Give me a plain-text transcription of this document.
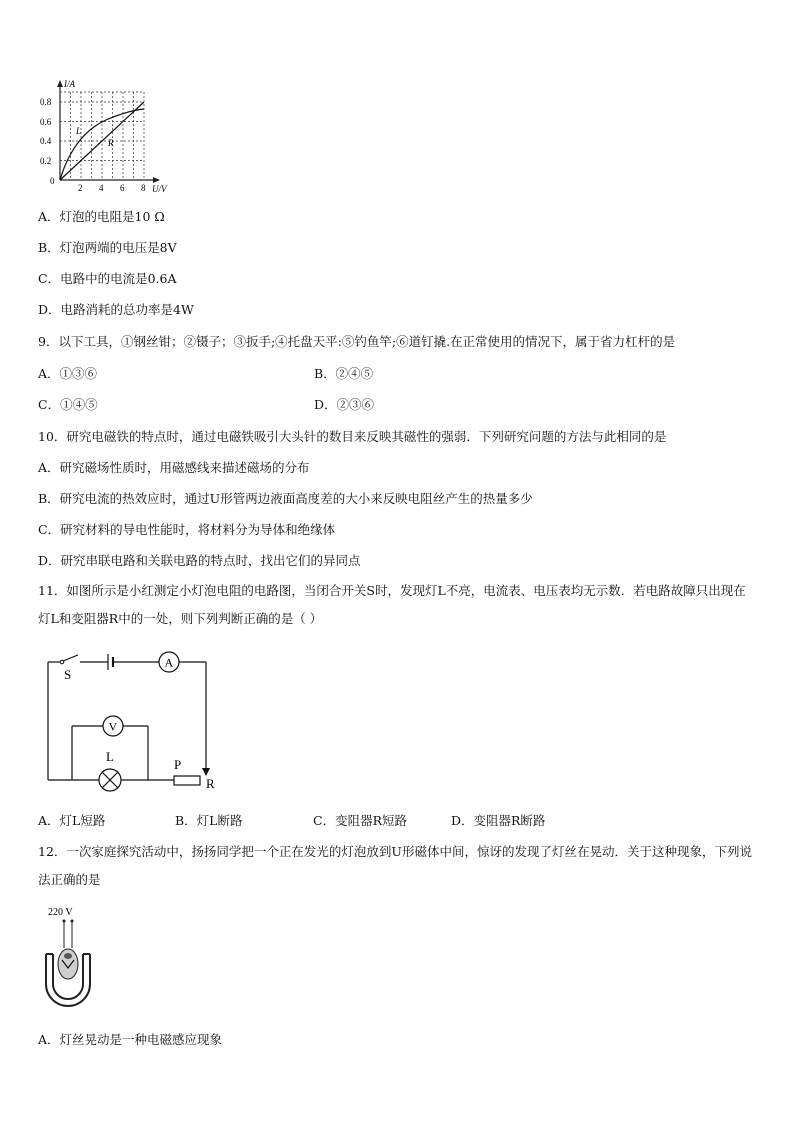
I/A
U/V
0.8
0.6
0.4
0.2
0
2 4 6 8
L
R
A．灯泡的电阻是10 Ω
B．灯泡两端的电压是8V
C．电路中的电流是0.6A
D．电路消耗的总功率是4W
9．以下工具，①钢丝钳；②镊子；③扳手;④托盘天平:⑤钓鱼竿;⑥道钉撬.在正常使用的情况下，属于省力杠杆的是
A．①③⑥	B．②④⑤
C．①④⑤	D．②③⑥
10．研究电磁铁的特点时，通过电磁铁吸引大头针的数目来反映其磁性的强弱．下列研究问题的方法与此相同的是
A．研究磁场性质时，用磁感线来描述磁场的分布
B．研究电流的热效应时，通过U形管两边液面高度差的大小来反映电阻丝产生的热量多少
C．研究材料的导电性能时，将材料分为导体和绝缘体
D．研究串联电路和关联电路的特点时，找出它们的异同点
11．如图所示是小红测定小灯泡电阻的电路图，当闭合开关S时，发现灯L不亮，电流表、电压表均无示数．若电路故障只出现在灯L和变阻器R中的一处，则下列判断正确的是（ ）
S
A
V
L
P
R
A．灯L短路	B．灯L断路	C．变阻器R短路	D．变阻器R断路
12．一次家庭探究活动中，扬扬同学把一个正在发光的灯泡放到U形磁体中间，惊讶的发现了灯丝在晃动．关于这种现象，下列说法正确的是
220 V
A．灯丝晃动是一种电磁感应现象
